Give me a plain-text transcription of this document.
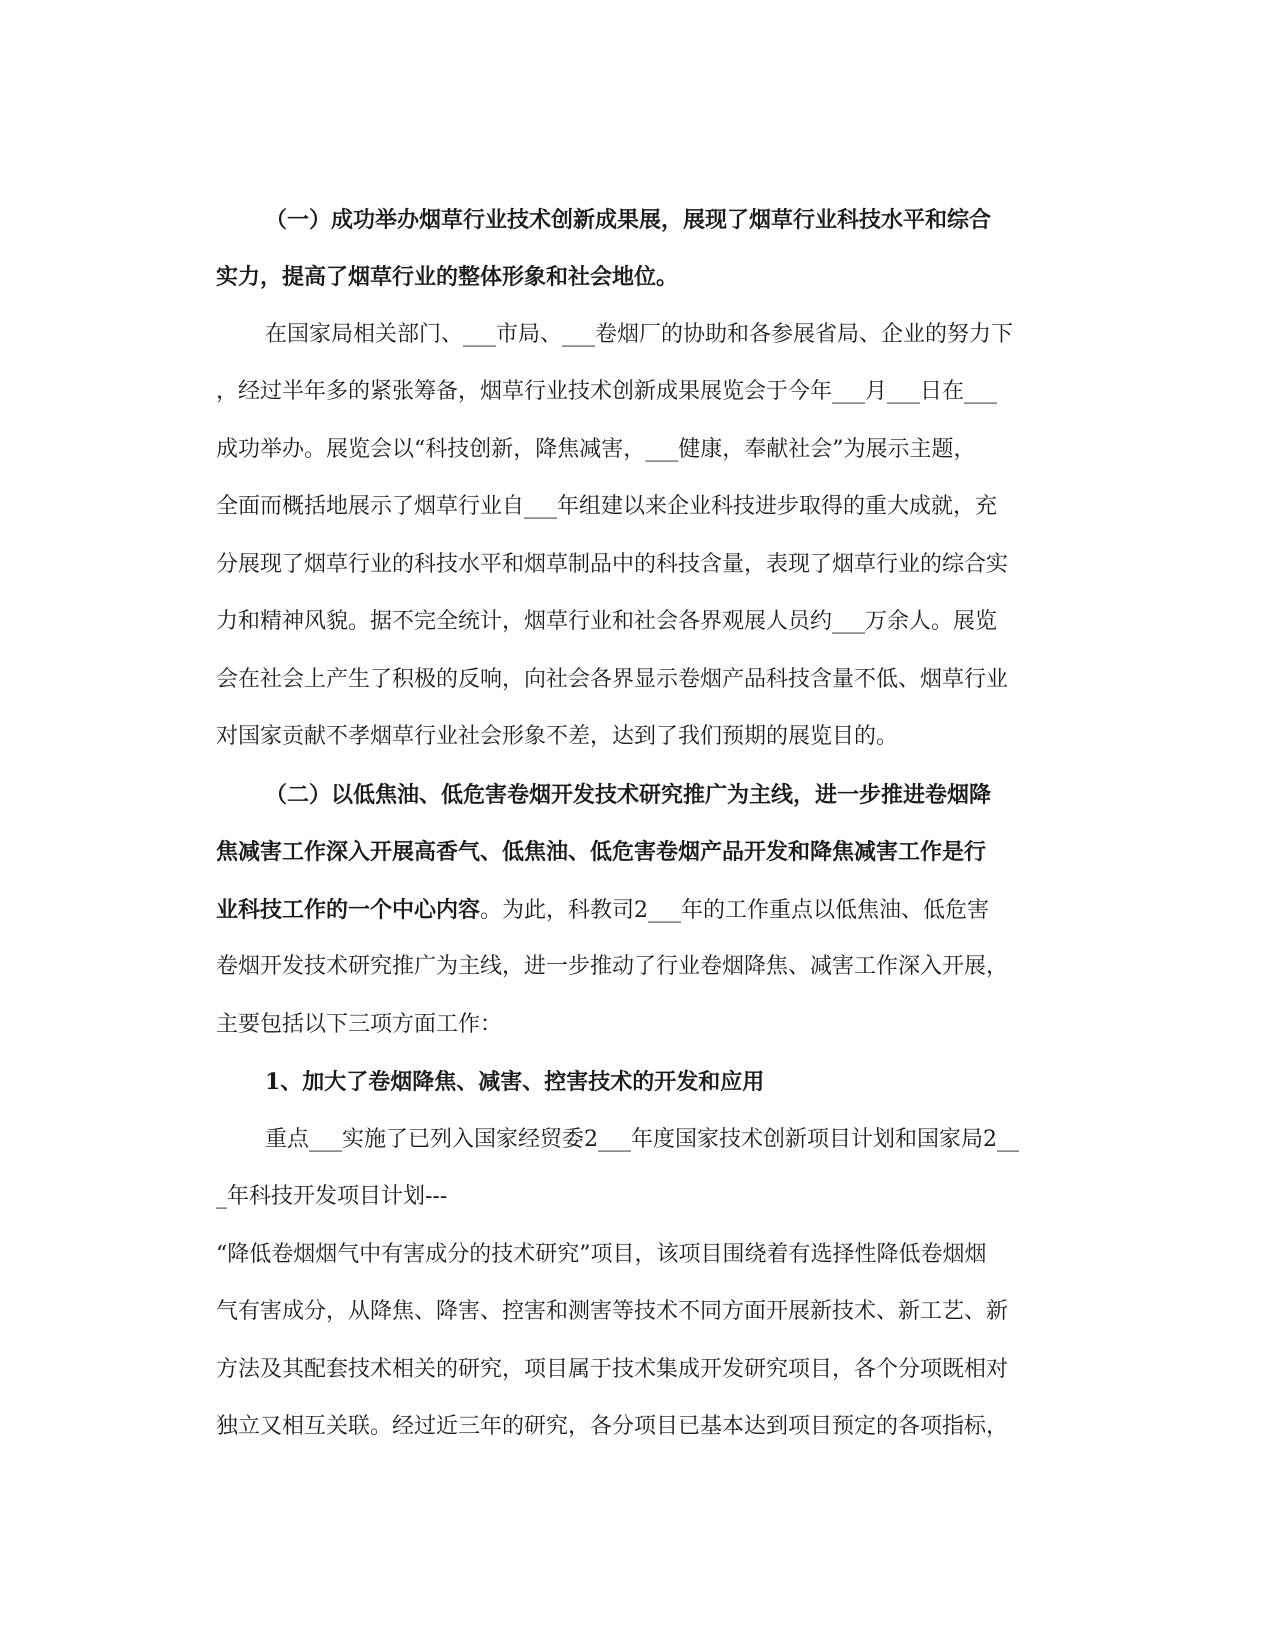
（一）成功举办烟草行业技术创新成果展，展现了烟草行业科技水平和综合

实力，提高了烟草行业的整体形象和社会地位。

在国家局相关部门、___市局、___卷烟厂的协助和各参展省局、企业的努力下

，经过半年多的紧张筹备，烟草行业技术创新成果展览会于今年___月___日在___

成功举办。展览会以“科技创新，降焦减害，___健康，奉献社会”为展示主题，

全面而概括地展示了烟草行业自___年组建以来企业科技进步取得的重大成就，充

分展现了烟草行业的科技水平和烟草制品中的科技含量，表现了烟草行业的综合实

力和精神风貌。据不完全统计，烟草行业和社会各界观展人员约___万余人。展览

会在社会上产生了积极的反响，向社会各界显示卷烟产品科技含量不低、烟草行业

对国家贡献不孝烟草行业社会形象不差，达到了我们预期的展览目的。

（二）以低焦油、低危害卷烟开发技术研究推广为主线，进一步推进卷烟降

焦减害工作深入开展高香气、低焦油、低危害卷烟产品开发和降焦减害工作是行

业科技工作的一个中心内容。为此，科教司2___年的工作重点以低焦油、低危害

卷烟开发技术研究推广为主线，进一步推动了行业卷烟降焦、减害工作深入开展，

主要包括以下三项方面工作：

1、加大了卷烟降焦、减害、控害技术的开发和应用

重点___实施了已列入国家经贸委2___年度国家技术创新项目计划和国家局2__

_年科技开发项目计划---

“降低卷烟烟气中有害成分的技术研究”项目，该项目围绕着有选择性降低卷烟烟

气有害成分，从降焦、降害、控害和测害等技术不同方面开展新技术、新工艺、新

方法及其配套技术相关的研究，项目属于技术集成开发研究项目，各个分项既相对

独立又相互关联。经过近三年的研究，各分项目已基本达到项目预定的各项指标，
